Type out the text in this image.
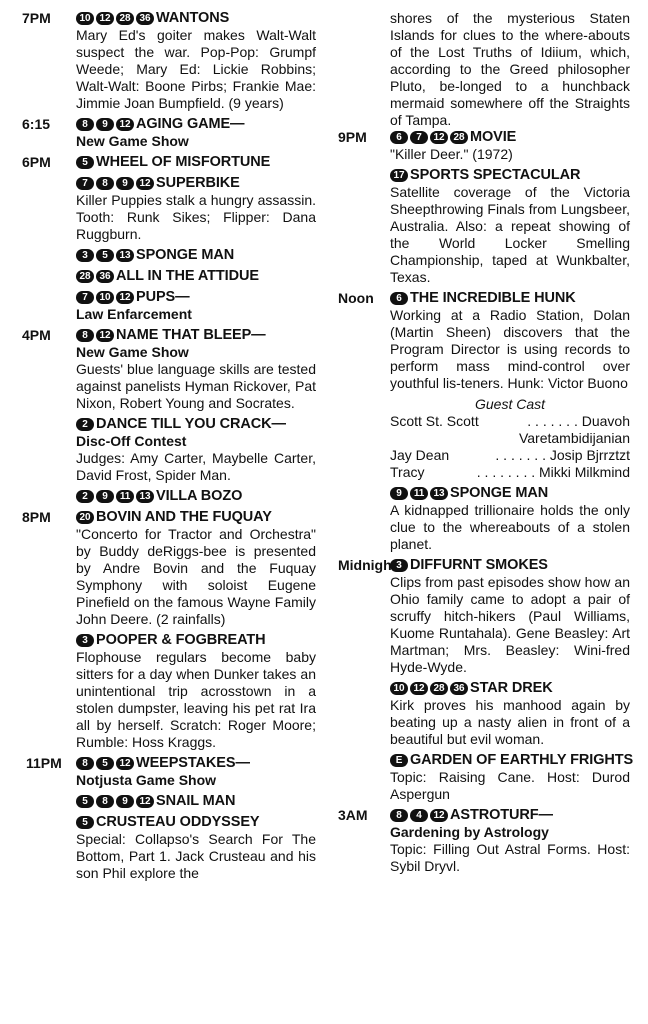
7PM	10 12 28 36 WANTONS
Mary Ed's goiter makes Walt-Walt suspect the war. Pop-Pop: Grumpf Weede; Mary Ed: Lickie Robbins; Walt-Walt: Boone Pirbs; Frankie Mae: Jimmie Joan Bumpfield. (9 years)
6:15	8 9 12 AGING GAME—
New Game Show
6PM	5 WHEEL OF MISFORTUNE
7 8 9 12 SUPERBIKE
Killer Puppies stalk a hungry assassin. Tooth: Runk Sikes; Flipper: Dana Ruggburn.
3 5 13 SPONGE MAN
28 36 ALL IN THE ATTIDUE
7 10 12 PUPS—
Law Enfarcement
4PM	8 12 NAME THAT BLEEP—
New Game Show
Guests' blue language skills are tested against panelists Hyman Rickover, Pat Nixon, Robert Young and Socrates.
2 DANCE TILL YOU CRACK—
Disc-Off Contest
Judges: Amy Carter, Maybelle Carter, David Frost, Spider Man.
2 9 11 13 VILLA BOZO
8PM	20 BOVIN AND THE FUQUAY
"Concerto for Tractor and Orchestra" by Buddy deRiggs-bee is presented by Andre Bovin and the Fuquay Symphony with soloist Eugene Pinefield on the famous Wayne Family John Deere. (2 rainfalls)
3 POOPER & FOGBREATH
Flophouse regulars become baby sitters for a day when Dunker takes an unintentional trip acrosstown in a stolen dumpster, leaving his pet rat Ira all by herself. Scratch: Roger Moore; Rumble: Hoss Kraggs.
11PM	8 5 12 WEEPSTAKES—
Notjusta Game Show
5 8 9 12 SNAIL MAN
5 CRUSTEAU ODDYSSEY
Special: Collapso's Search For The Bottom, Part 1. Jack Crusteau and his son Phil explore the
shores of the mysterious Staten Islands for clues to the where-abouts of the Lost Truths of Idiium, which, according to the Greed philosopher Pluto, be-longed to a hunchback mermaid somewhere off the Straights of Tampa.
9PM	6 7 12 28 MOVIE
"Killer Deer." (1972)
17 SPORTS SPECTACULAR
Satellite coverage of the Victoria Sheepthrowing Finals from Lungsbeer, Australia. Also: a repeat showing of the World Locker Smelling Championship, taped at Wunkbalter, Texas.
Noon	6 THE INCREDIBLE HUNK
Working at a Radio Station, Dolan (Martin Sheen) discovers that the Program Director is using records to perform mass mind-control over youthful lis-teners. Hunk: Victor Buono
Guest Cast
Scott St. Scott	. . . . . . . Duavoh
Varetambidijanian
Jay Dean	. . . . . . . Josip Bjrrztzt
Tracy	. . . . . . . . Mikki Milkmind
9 11 13 SPONGE MAN
A kidnapped trillionaire holds the only clue to the whereabouts of a stolen planet.
Midnight 3 DIFFURNT SMOKES
Clips from past episodes show how an Ohio family came to adopt a pair of scruffy hitch-hikers (Paul Williams, Kuome Runtahala). Gene Beasley: Art Martman; Mrs. Beasley: Wini-fred Hyde-Wyde.
10 12 28 36 STAR DREK
Kirk proves his manhood again by beating up a nasty alien in front of a beautiful but evil woman.
E GARDEN OF EARTHLY FRIGHTS
Topic: Raising Cane. Host: Durod Aspergun
3AM	8 4 12 ASTROTURF—
Gardening by Astrology
Topic: Filling Out Astral Forms. Host: Sybil Dryvl.
